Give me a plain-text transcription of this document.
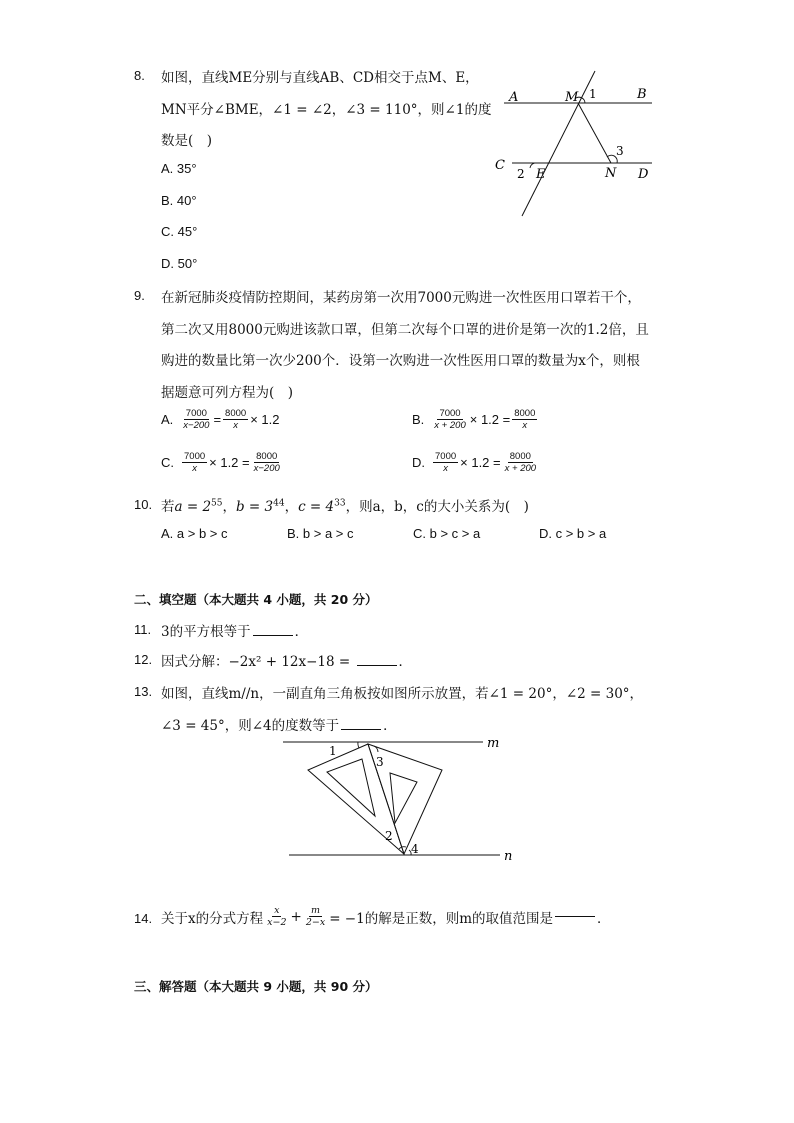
8. 如图，直线ME分别与直线AB、CD相交于点M、E，
MN平分∠BME，∠1 = ∠2，∠3 = 110°，则∠1的度
数是(　)
A. 35°
B. 40°
C. 45°
D. 50°
A	M 1	B
C
2 E	N
3
D
9. 在新冠肺炎疫情防控期间，某药房第一次用7000元购进一次性医用口罩若干个，
第二次又用8000元购进该款口罩，但第二次每个口罩的进价是第一次的1.2倍，且
购进的数量比第一次少200个．设第一次购进一次性医用口罩的数量为x个，则根
据题意可列方程为(　)
A. $\frac{7000}{x-200} = \frac{8000}{x} \times 1.2$	B. $\frac{7000}{x + 200} \times 1.2 = \frac{8000}{x}$
C. $\frac{7000}{x} \times 1.2 = \frac{8000}{x-200}$	D. $\frac{7000}{x} \times 1.2 = \frac{8000}{x + 200}$
10. 若$a = 2^{55}$，$b = 3^{44}$，$c = 4^{33}$，则a，b，c的大小关系为(　)
A. a > b > c	B. b > a > c	C. b > c > a	D. c > b > a
二、填空题（本大题共 4 小题，共 20 分）
11. 3的平方根等于	．
12. 因式分解：−2x² + 12x−18 =	．
13. 如图，直线m//n，一副直角三角板按如图所示放置，若∠1 = 20°，∠2 = 30°，
∠3 = 45°，则∠4的度数等于	．
m
n
1
3
2
4
14. 关于x的分式方程 $\frac{x}{x-2} + \frac{m}{2-x} = -1$的解是正数，则m的取值范围是	．
三、解答题（本大题共 9 小题，共 90 分）
